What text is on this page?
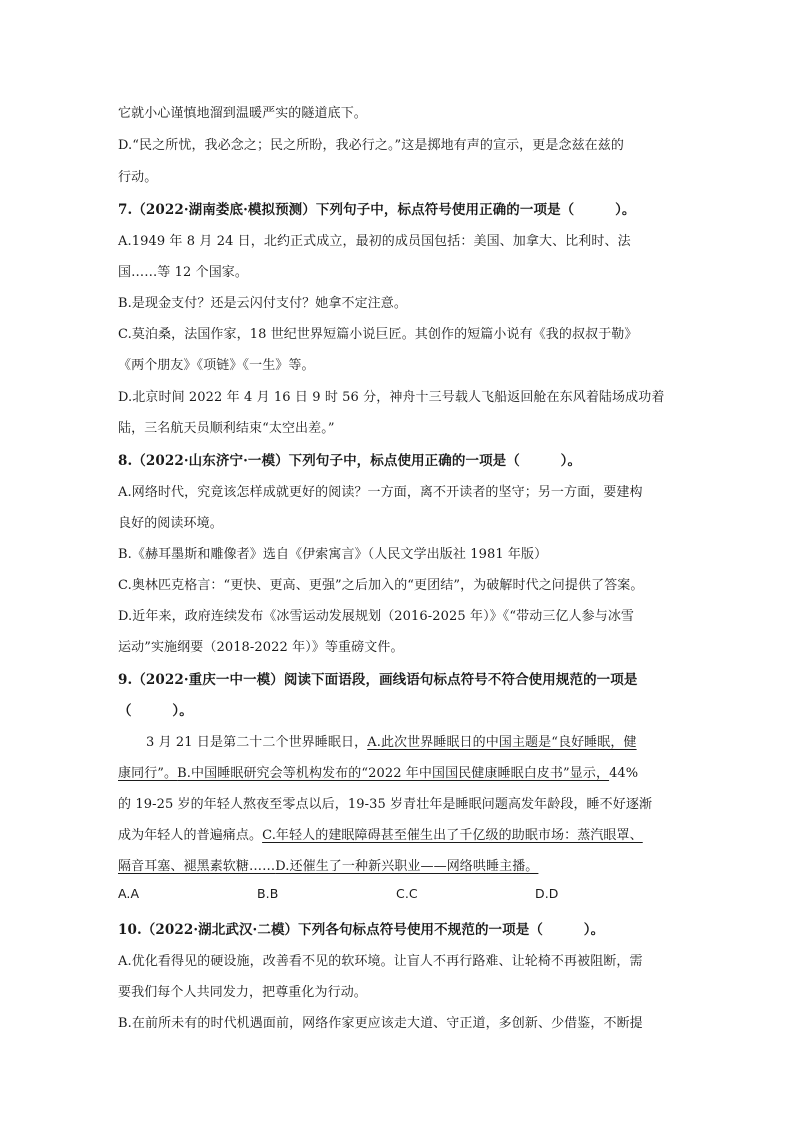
它就小心谨慎地溜到温暖严实的隧道底下。
D.“民之所忧，我必念之；民之所盼，我必行之。”这是掷地有声的宣示，更是念兹在兹的
行动。
7.（2022·湖南娄底·模拟预测）下列句子中，标点符号使用正确的一项是（　　　）。
A.1949 年 8 月 24 日，北约正式成立，最初的成员国包括：美国、加拿大、比利时、法
国……等 12 个国家。
B.是现金支付？还是云闪付支付？她拿不定注意。
C.莫泊桑，法国作家，18 世纪世界短篇小说巨匠。其创作的短篇小说有《我的叔叔于勒》
《两个朋友》《项链》《一生》等。
D.北京时间 2022 年 4 月 16 日 9 时 56 分，神舟十三号载人飞船返回舱在东风着陆场成功着
陆，三名航天员顺利结束“太空出差。”
8.（2022·山东济宁·一模）下列句子中，标点使用正确的一项是（　　　）。
A.网络时代，究竟该怎样成就更好的阅读？一方面，离不开读者的坚守；另一方面，要建构
良好的阅读环境。
B.《赫耳墨斯和雕像者》选自《伊索寓言》（人民文学出版社 1981 年版）
C.奥林匹克格言：“更快、更高、更强”之后加入的“更团结”，为破解时代之问提供了答案。
D.近年来，政府连续发布《冰雪运动发展规划（2016-2025 年）》《“带动三亿人参与冰雪
运动”实施纲要（2018-2022 年）》等重磅文件。
9.（2022·重庆一中一模）阅读下面语段，画线语句标点符号不符合使用规范的一项是
（　　　）。
3 月 21 日是第二十二个世界睡眠日，A.此次世界睡眠日的中国主题是“良好睡眠，健
康同行”。B.中国睡眠研究会等机构发布的“2022 年中国国民健康睡眠白皮书”显示，44%
的 19-25 岁的年轻人熬夜至零点以后，19-35 岁青壮年是睡眠问题高发年龄段，睡不好逐渐
成为年轻人的普遍痛点。C.年轻人的建眠障碍甚至催生出了千亿级的助眠市场：蒸汽眼罩、
隔音耳塞、褪黑素软糖……D.还催生了一种新兴职业——网络哄睡主播。
A.A	B.B	C.C	D.D
10.（2022·湖北武汉·二模）下列各句标点符号使用不规范的一项是（　　　）。
A.优化看得见的硬设施，改善看不见的软环境。让盲人不再行路难、让轮椅不再被阻断，需
要我们每个人共同发力，把尊重化为行动。
B.在前所未有的时代机遇面前，网络作家更应该走大道、守正道，多创新、少借鉴，不断提
